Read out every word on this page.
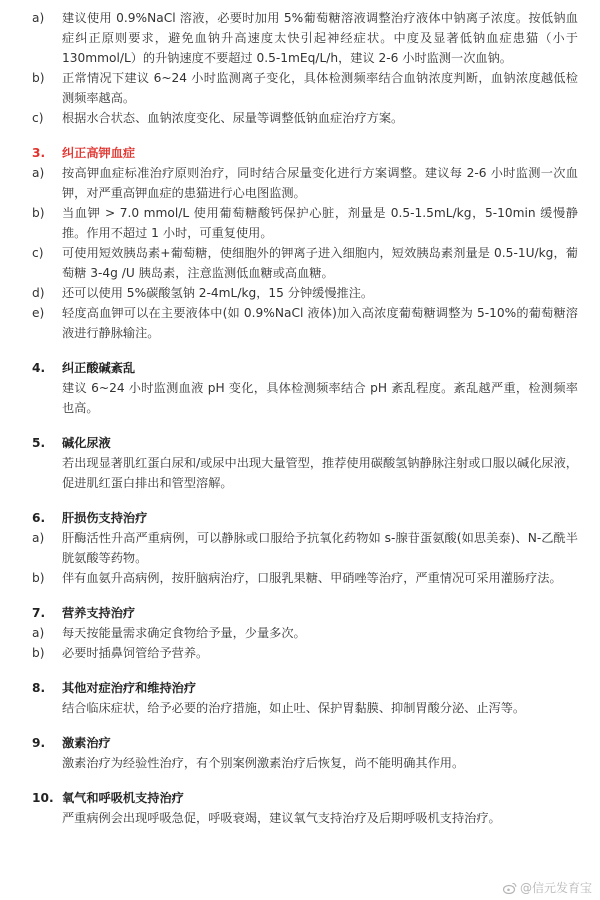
a)	建议使用 0.9%NaCl 溶液，必要时加用 5%葡萄糖溶液调整治疗液体中钠离子浓度。按低钠血症纠正原则要求，避免血钠升高速度太快引起神经症状。中度及显著低钠血症患猫（小于 130mmol/L）的升钠速度不要超过 0.5-1mEq/L/h，建议 2-6 小时监测一次血钠。
b)	正常情况下建议 6~24 小时监测离子变化，具体检测频率结合血钠浓度判断，血钠浓度越低检测频率越高。
c)	根据水合状态、血钠浓度变化、尿量等调整低钠血症治疗方案。
3.	纠正高钾血症
a)	按高钾血症标准治疗原则治疗，同时结合尿量变化进行方案调整。建议每 2-6 小时监测一次血钾，对严重高钾血症的患猫进行心电图监测。
b)	当血钾 > 7.0 mmol/L 使用葡萄糖酸钙保护心脏，剂量是 0.5-1.5mL/kg，5-10min 缓慢静推。作用不超过 1 小时，可重复使用。
c)	可使用短效胰岛素+葡萄糖，使细胞外的钾离子进入细胞内，短效胰岛素剂量是 0.5-1U/kg，葡萄糖 3-4g /U 胰岛素，注意监测低血糖或高血糖。
d)	还可以使用 5%碳酸氢钠 2-4mL/kg，15 分钟缓慢推注。
e)	轻度高血钾可以在主要液体中(如 0.9%NaCl 液体)加入高浓度葡萄糖调整为 5-10%的葡萄糖溶液进行静脉输注。
4.	纠正酸碱紊乱
建议 6~24 小时监测血液 pH 变化，具体检测频率结合 pH 紊乱程度。紊乱越严重，检测频率也高。
5.	碱化尿液
若出现显著肌红蛋白尿和/或尿中出现大量管型，推荐使用碳酸氢钠静脉注射或口服以碱化尿液，促进肌红蛋白排出和管型溶解。
6.	肝损伤支持治疗
a)	肝酶活性升高严重病例，可以静脉或口服给予抗氧化药物如 s-腺苷蛋氨酸(如思美泰)、N-乙酰半胱氨酸等药物。
b)	伴有血氨升高病例，按肝脑病治疗，口服乳果糖、甲硝唑等治疗，严重情况可采用灌肠疗法。
7.	营养支持治疗
a)	每天按能量需求确定食物给予量，少量多次。
b)	必要时插鼻饲管给予营养。
8.	其他对症治疗和维持治疗
结合临床症状，给予必要的治疗措施，如止吐、保护胃黏膜、抑制胃酸分泌、止泻等。
9.	激素治疗
激素治疗为经验性治疗，有个别案例激素治疗后恢复，尚不能明确其作用。
10. 氧气和呼吸机支持治疗
严重病例会出现呼吸急促，呼吸衰竭，建议氧气支持治疗及后期呼吸机支持治疗。
@信元发育宝
